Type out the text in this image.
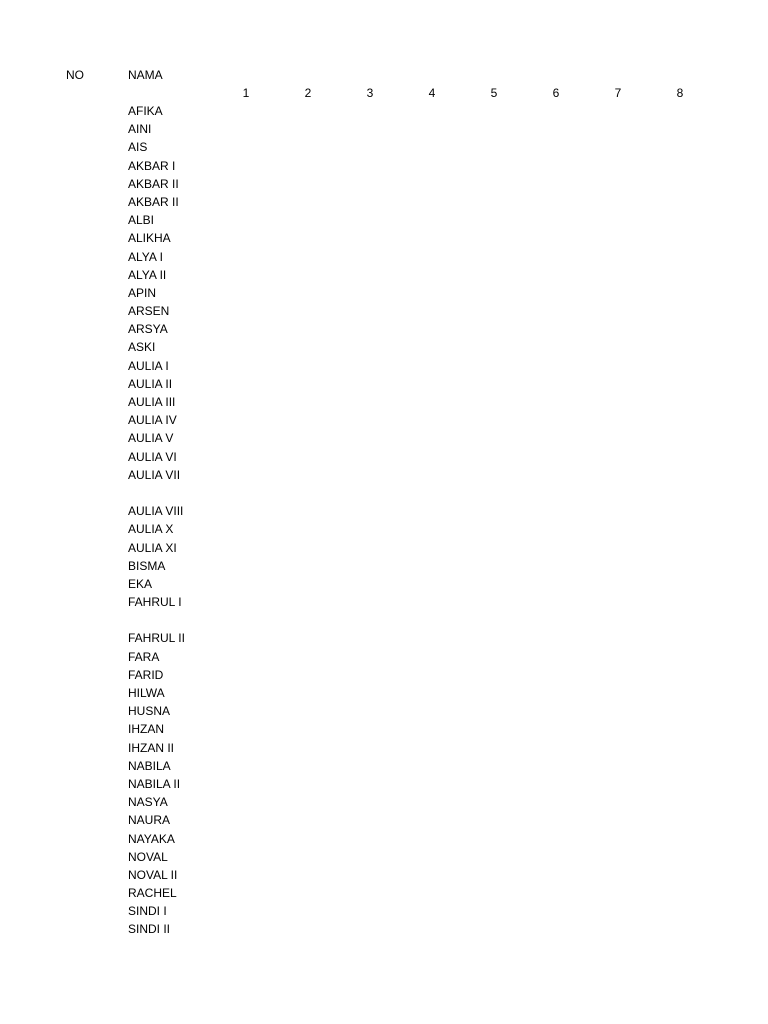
NO	NAMA
1	2	3	4	5	6	7	8
AFIKA
AINI
AIS
AKBAR I
AKBAR II
AKBAR II
ALBI
ALIKHA
ALYA I
ALYA II
APIN
ARSEN
ARSYA
ASKI
AULIA I
AULIA II
AULIA III
AULIA IV
AULIA V
AULIA VI
AULIA VII
AULIA VIII
AULIA X
AULIA XI
BISMA
EKA
FAHRUL I
FAHRUL II
FARA
FARID
HILWA
HUSNA
IHZAN
IHZAN II
NABILA
NABILA II
NASYA
NAURA
NAYAKA
NOVAL
NOVAL II
RACHEL
SINDI I
SINDI II
